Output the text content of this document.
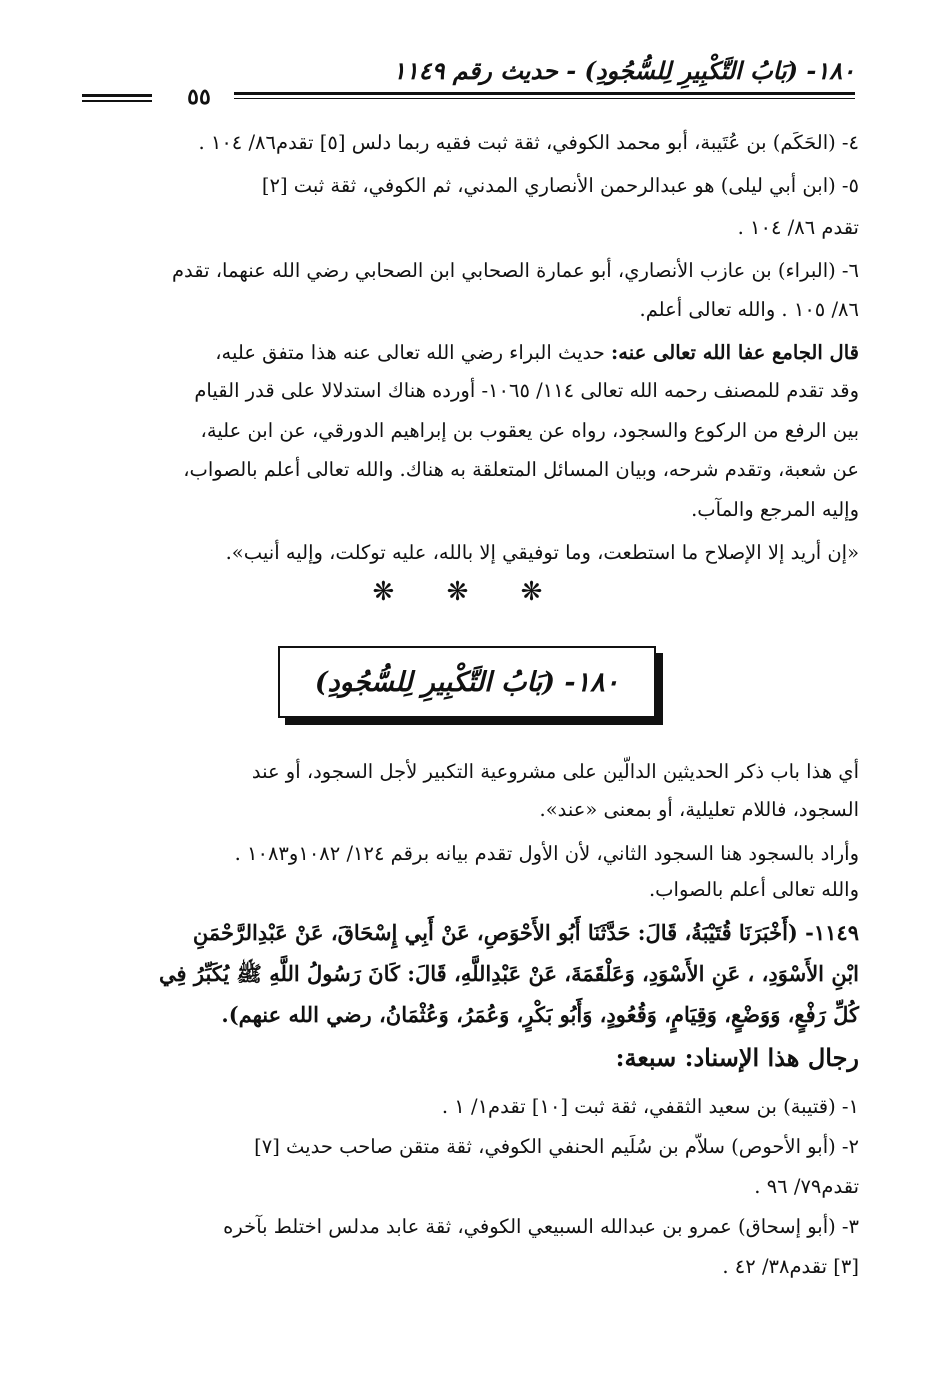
١٨٠- (بَابُ التَّكْبِيرِ لِلسُّجُودِ) - حديث رقم ١١٤٩
٥٥
٤- (الحَكَم) بن عُتَيبة، أبو محمد الكوفي، ثقة ثبت فقيه ربما دلس [٥] تقدم٨٦/ ١٠٤ .
٥- (ابن أبي ليلى) هو عبدالرحمن الأنصاري المدني، ثم الكوفي، ثقة ثبت [٢]
تقدم ٨٦/ ١٠٤ .
٦- (البراء) بن عازب الأنصاري، أبو عمارة الصحابي ابن الصحابي رضي الله عنهما، تقدم
٨٦/ ١٠٥ . والله تعالى أعلم.
قال الجامع عفا الله تعالى عنه: حديث البراء رضي الله تعالى عنه هذا متفق عليه،
وقد تقدم للمصنف رحمه الله تعالى ١١٤/ ١٠٦٥- أورده هناك استدلالا على قدر القيام
بين الرفع من الركوع والسجود، رواه عن يعقوب بن إبراهيم الدورقي، عن ابن علية،
عن شعبة، وتقدم شرحه، وبيان المسائل المتعلقة به هناك. والله تعالى أعلم بالصواب،
وإليه المرجع والمآب.
«إن أريد إلا الإصلاح ما استطعت، وما توفيقي إلا بالله، عليه توكلت، وإليه أنيب».
❋ ❋ ❋
١٨٠- (بَابُ التَّكْبِيرِ لِلسُّجُودِ)
أي هذا باب ذكر الحديثين الدالّين على مشروعية التكبير لأجل السجود، أو عند
السجود، فاللام تعليلية، أو بمعنى «عند».
وأراد بالسجود هنا السجود الثاني، لأن الأول تقدم بيانه برقم ١٢٤/ ١٠٨٢و١٠٨٣ .
والله تعالى أعلم بالصواب.
١١٤٩- (أَخْبَرَنَا قُتَيْبَةُ، قَالَ: حَدَّثَنَا أَبُو الأَحْوَصِ، عَنْ أَبِي إِسْحَاقَ، عَنْ عَبْدِالرَّحْمَنِ
ابْنِ الأَسْوَدِ، ، عَنِ الأَسْوَدِ، وَعَلْقَمَةَ، عَنْ عَبْدِاللَّهِ، قَالَ: كَانَ رَسُولُ اللَّهِ ﷺ يُكَبِّرُ فِي
كُلِّ رَفْعٍ، وَوَضْعٍ، وَقِيَامٍ، وَقُعُودٍ، وَأَبُو بَكْرٍ، وَعُمَرُ، وَعُثْمَانُ، رضي الله عنهم).
رجال هذا الإسناد: سبعة:
١- (قتيبة) بن سعيد الثقفي، ثقة ثبت [١٠] تقدم١/ ١ .
٢- (أبو الأحوص) سلاّم بن سُلَيم الحنفي الكوفي، ثقة متقن صاحب حديث [٧]
تقدم٧٩/ ٩٦ .
٣- (أبو إسحاق) عمرو بن عبدالله السبيعي الكوفي، ثقة عابد مدلس اختلط بآخره
[٣] تقدم٣٨/ ٤٢ .
